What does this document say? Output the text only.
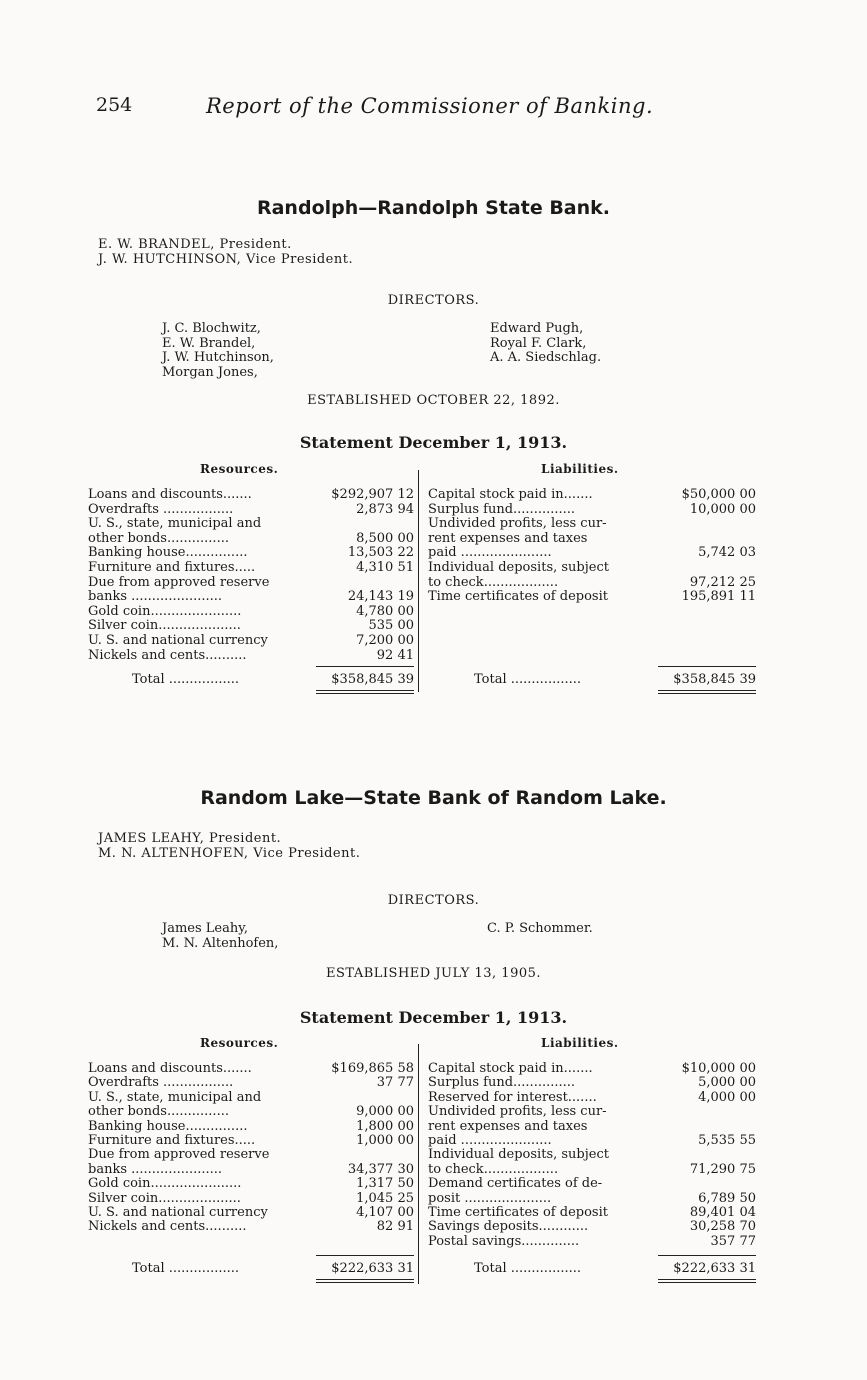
254	Report of the Commissioner of Banking.
Randolph—Randolph State Bank.
E. W. BRANDEL, President.
J. W. HUTCHINSON, Vice President.
DIRECTORS.
J. C. Blochwitz,
E. W. Brandel,
J. W. Hutchinson,
Morgan Jones,
Edward Pugh,
Royal F. Clark,
A. A. Siedschlag.
ESTABLISHED OCTOBER 22, 1892.
Statement December 1, 1913.
Resources.	Liabilities.
Loans and discounts.......	$292,907 12
Overdrafts .................	2,873 94
U. S., state, municipal and
other bonds...............	8,500 00
Banking house...............	13,503 22
Furniture and fixtures.....	4,310 51
Due from approved reserve
banks ......................	24,143 19
Gold coin......................	4,780 00
Silver coin....................	535 00
U. S. and national currency	7,200 00
Nickels and cents..........	92 41
Capital stock paid in.......	$50,000 00
Surplus fund...............	10,000 00
Undivided profits, less cur-
rent expenses and taxes
paid ......................	5,742 03
Individual deposits, subject
to check..................	97,212 25
Time certificates of deposit	195,891 11
Total .................	$358,845 39	Total .................	$358,845 39
Random Lake—State Bank of Random Lake.
JAMES LEAHY, President.
M. N. ALTENHOFEN, Vice President.
DIRECTORS.
James Leahy,
M. N. Altenhofen,
C. P. Schommer.
ESTABLISHED JULY 13, 1905.
Statement December 1, 1913.
Resources.	Liabilities.
Loans and discounts.......	$169,865 58
Overdrafts .................	37 77
U. S., state, municipal and
other bonds...............	9,000 00
Banking house...............	1,800 00
Furniture and fixtures.....	1,000 00
Due from approved reserve
banks ......................	34,377 30
Gold coin......................	1,317 50
Silver coin....................	1,045 25
U. S. and national currency	4,107 00
Nickels and cents..........	82 91
Capital stock paid in.......	$10,000 00
Surplus fund...............	5,000 00
Reserved for interest.......	4,000 00
Undivided profits, less cur-
rent expenses and taxes
paid ......................	5,535 55
Individual deposits, subject
to check..................	71,290 75
Demand certificates of de-
posit .....................	6,789 50
Time certificates of deposit	89,401 04
Savings deposits............	30,258 70
Postal savings..............	357 77
Total .................	$222,633 31	Total .................	$222,633 31
